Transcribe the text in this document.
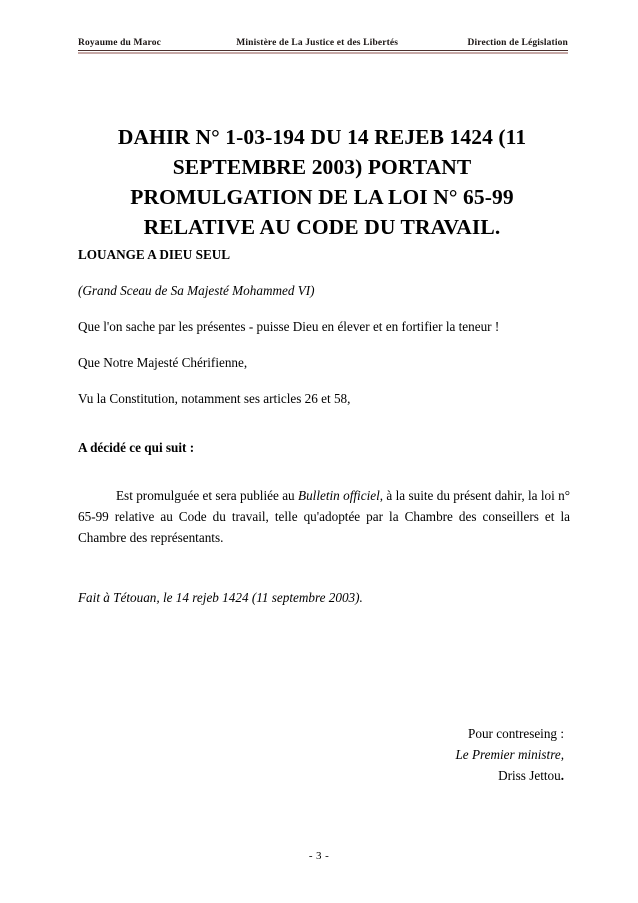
Royaume du Maroc	Ministère de La Justice et des Libertés	Direction de Législation
DAHIR N° 1-03-194 DU 14 REJEB 1424 (11
SEPTEMBRE 2003) PORTANT
PROMULGATION DE LA LOI N° 65-99
RELATIVE AU CODE DU TRAVAIL.

LOUANGE A DIEU SEUL

(Grand Sceau de Sa Majesté Mohammed VI)

Que l'on sache par les présentes - puisse Dieu en élever et en fortifier la teneur !

Que Notre Majesté Chérifienne,

Vu la Constitution, notamment ses articles 26 et 58,

A décidé ce qui suit :

Est promulguée et sera publiée au Bulletin officiel, à la suite du présent dahir, la loi n° 65-99 relative au Code du travail, telle qu'adoptée par la Chambre des conseillers et la Chambre des représentants.

Fait à Tétouan, le 14 rejeb 1424 (11 septembre 2003).

Pour contreseing :
Le Premier ministre,
Driss Jettou.
- 3 -
